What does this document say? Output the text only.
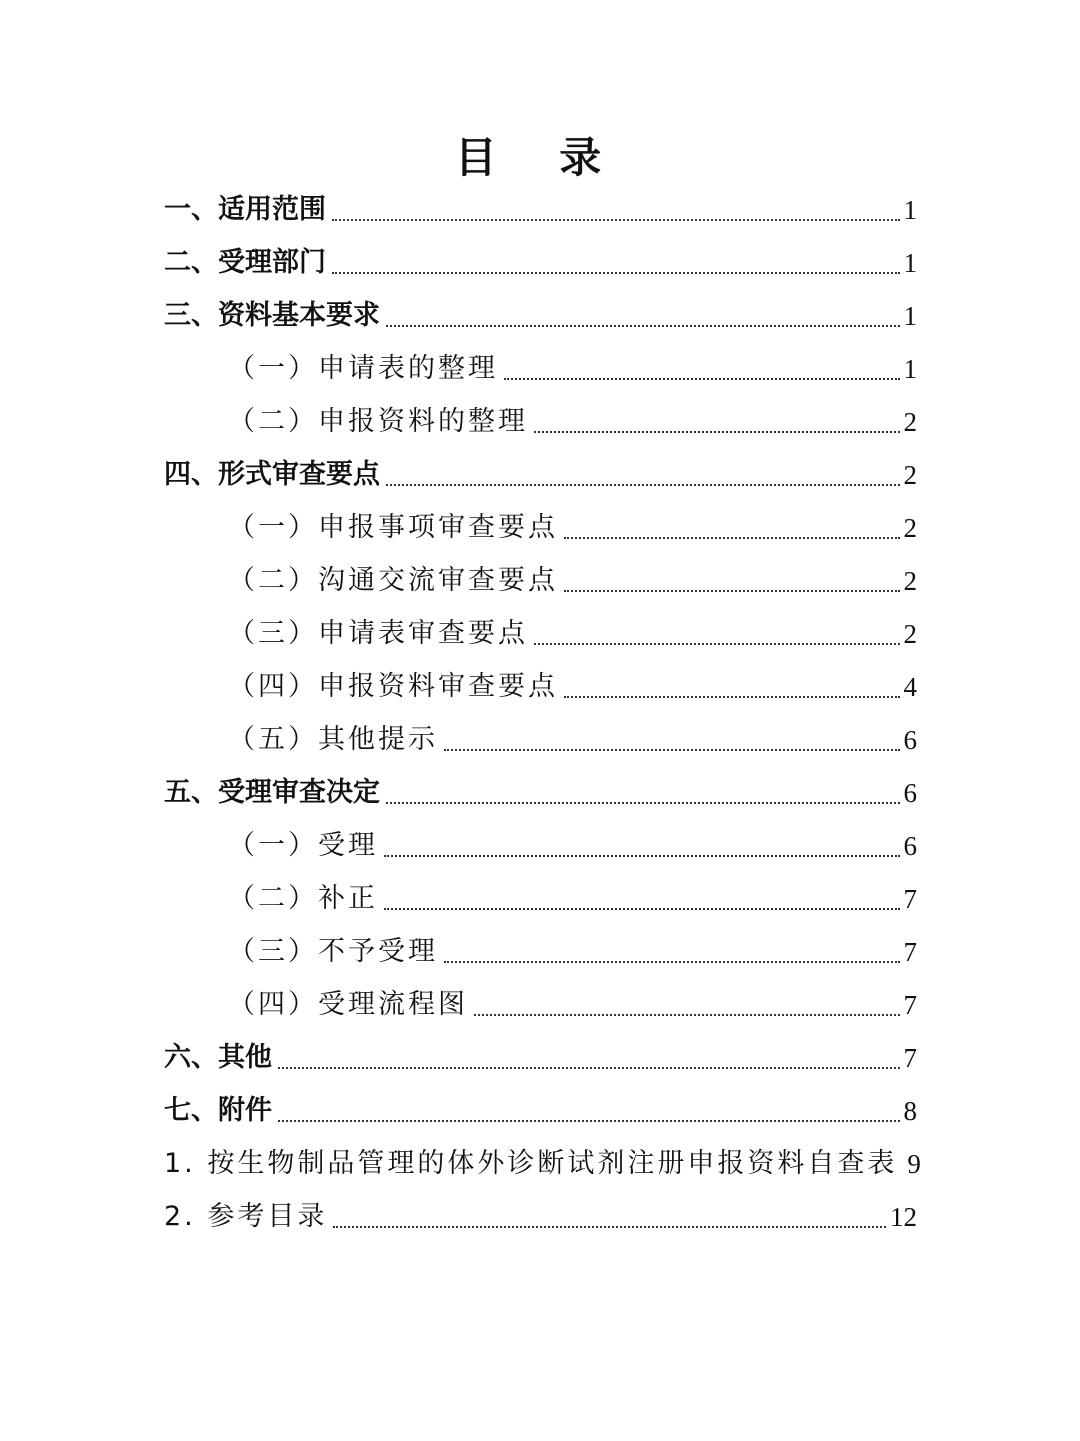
目 录
一、适用范围	1
二、受理部门	1
三、资料基本要求	1
（一）申请表的整理	1
（二）申报资料的整理	2
四、形式审查要点	2
（一）申报事项审查要点	2
（二）沟通交流审查要点	2
（三）申请表审查要点	2
（四）申报资料审查要点	4
（五）其他提示	6
五、受理审查决定	6
（一）受理	6
（二）补正	7
（三）不予受理	7
（四）受理流程图	7
六、其他	7
七、附件	8
1. 按生物制品管理的体外诊断试剂注册申报资料自查表 9
2. 参考目录	12
